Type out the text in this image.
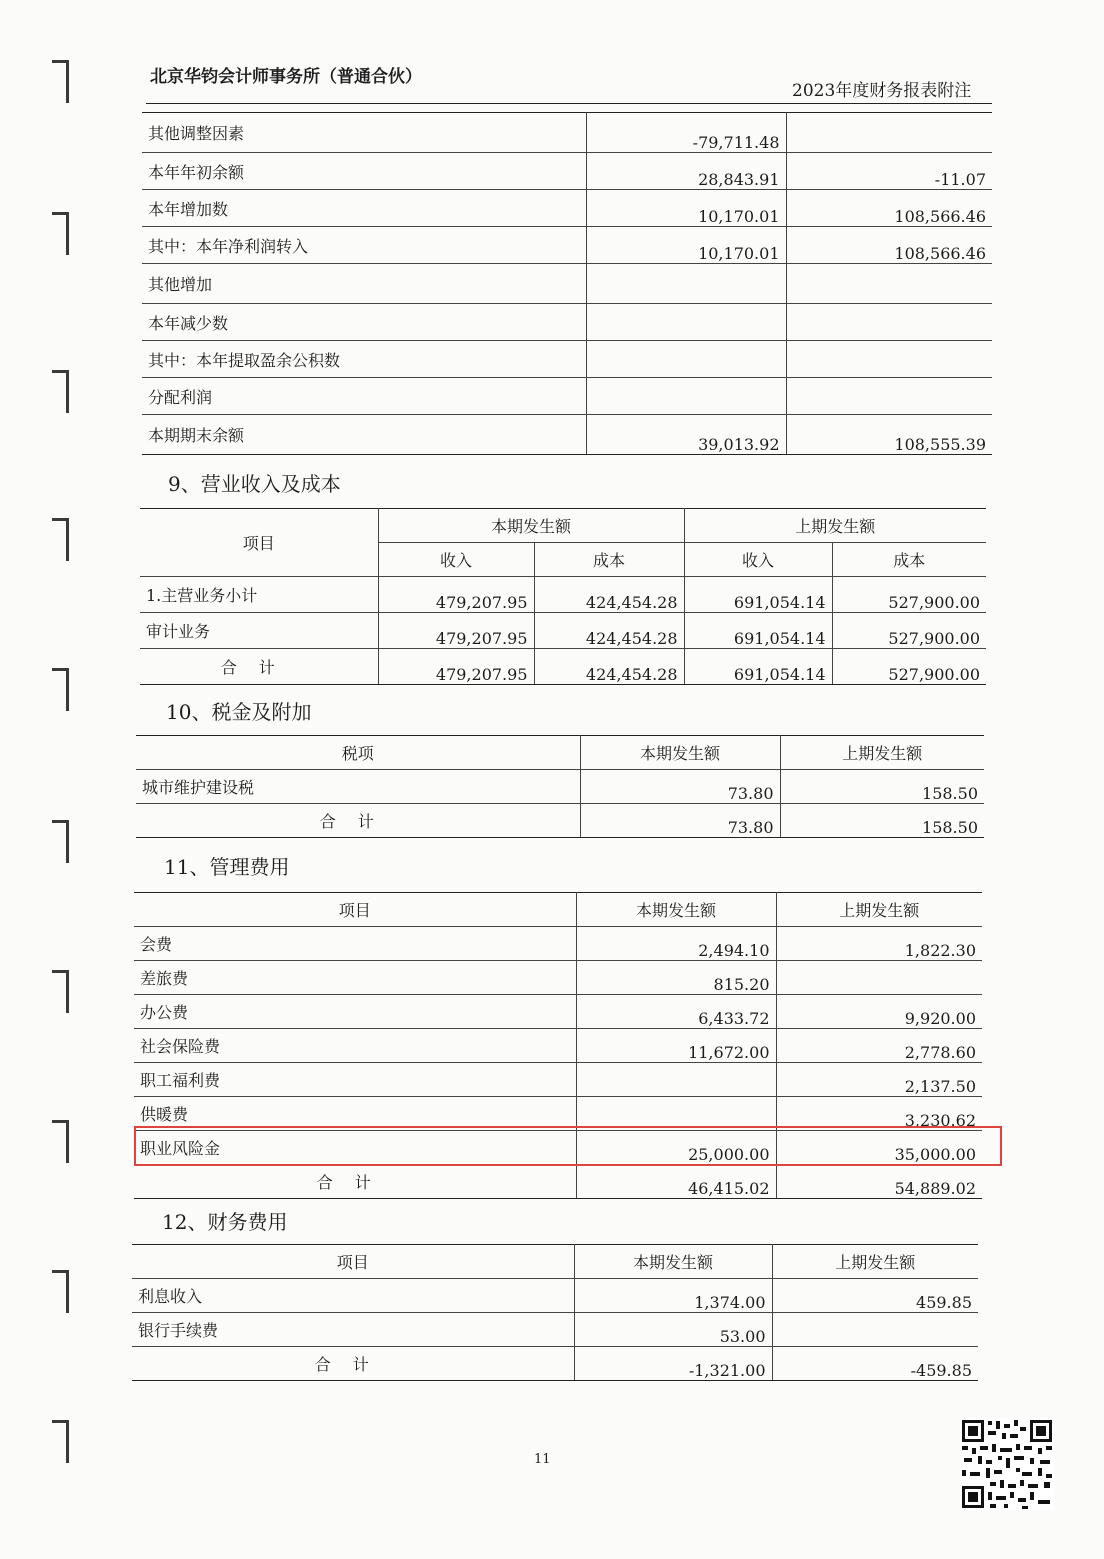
北京华钧会计师事务所（普通合伙）
2023年度财务报表附注
其他调整因素	-79,711.48	
本年年初余额	28,843.91	-11.07
本年增加数	10,170.01	108,566.46
其中：本年净利润转入	10,170.01	108,566.46
其他增加		
本年减少数		
其中：本年提取盈余公积数		
分配利润		
本期期末余额	39,013.92	108,555.39
9、营业收入及成本
项目	本期发生额		上期发生额	
	收入	成本	收入	成本
1.主营业务小计	479,207.95	424,454.28	691,054.14	527,900.00
审计业务	479,207.95	424,454.28	691,054.14	527,900.00
合计	479,207.95	424,454.28	691,054.14	527,900.00
10、税金及附加
税项	本期发生额	上期发生额
城市维护建设税	73.80	158.50
合计	73.80	158.50
11、管理费用
项目	本期发生额	上期发生额
会费	2,494.10	1,822.30
差旅费	815.20	
办公费	6,433.72	9,920.00
社会保险费	11,672.00	2,778.60
职工福利费		2,137.50
供暖费		3,230.62
职业风险金	25,000.00	35,000.00
合计	46,415.02	54,889.02
12、财务费用
项目	本期发生额	上期发生额
利息收入	1,374.00	459.85
银行手续费	53.00	
合计	-1,321.00	-459.85
11
